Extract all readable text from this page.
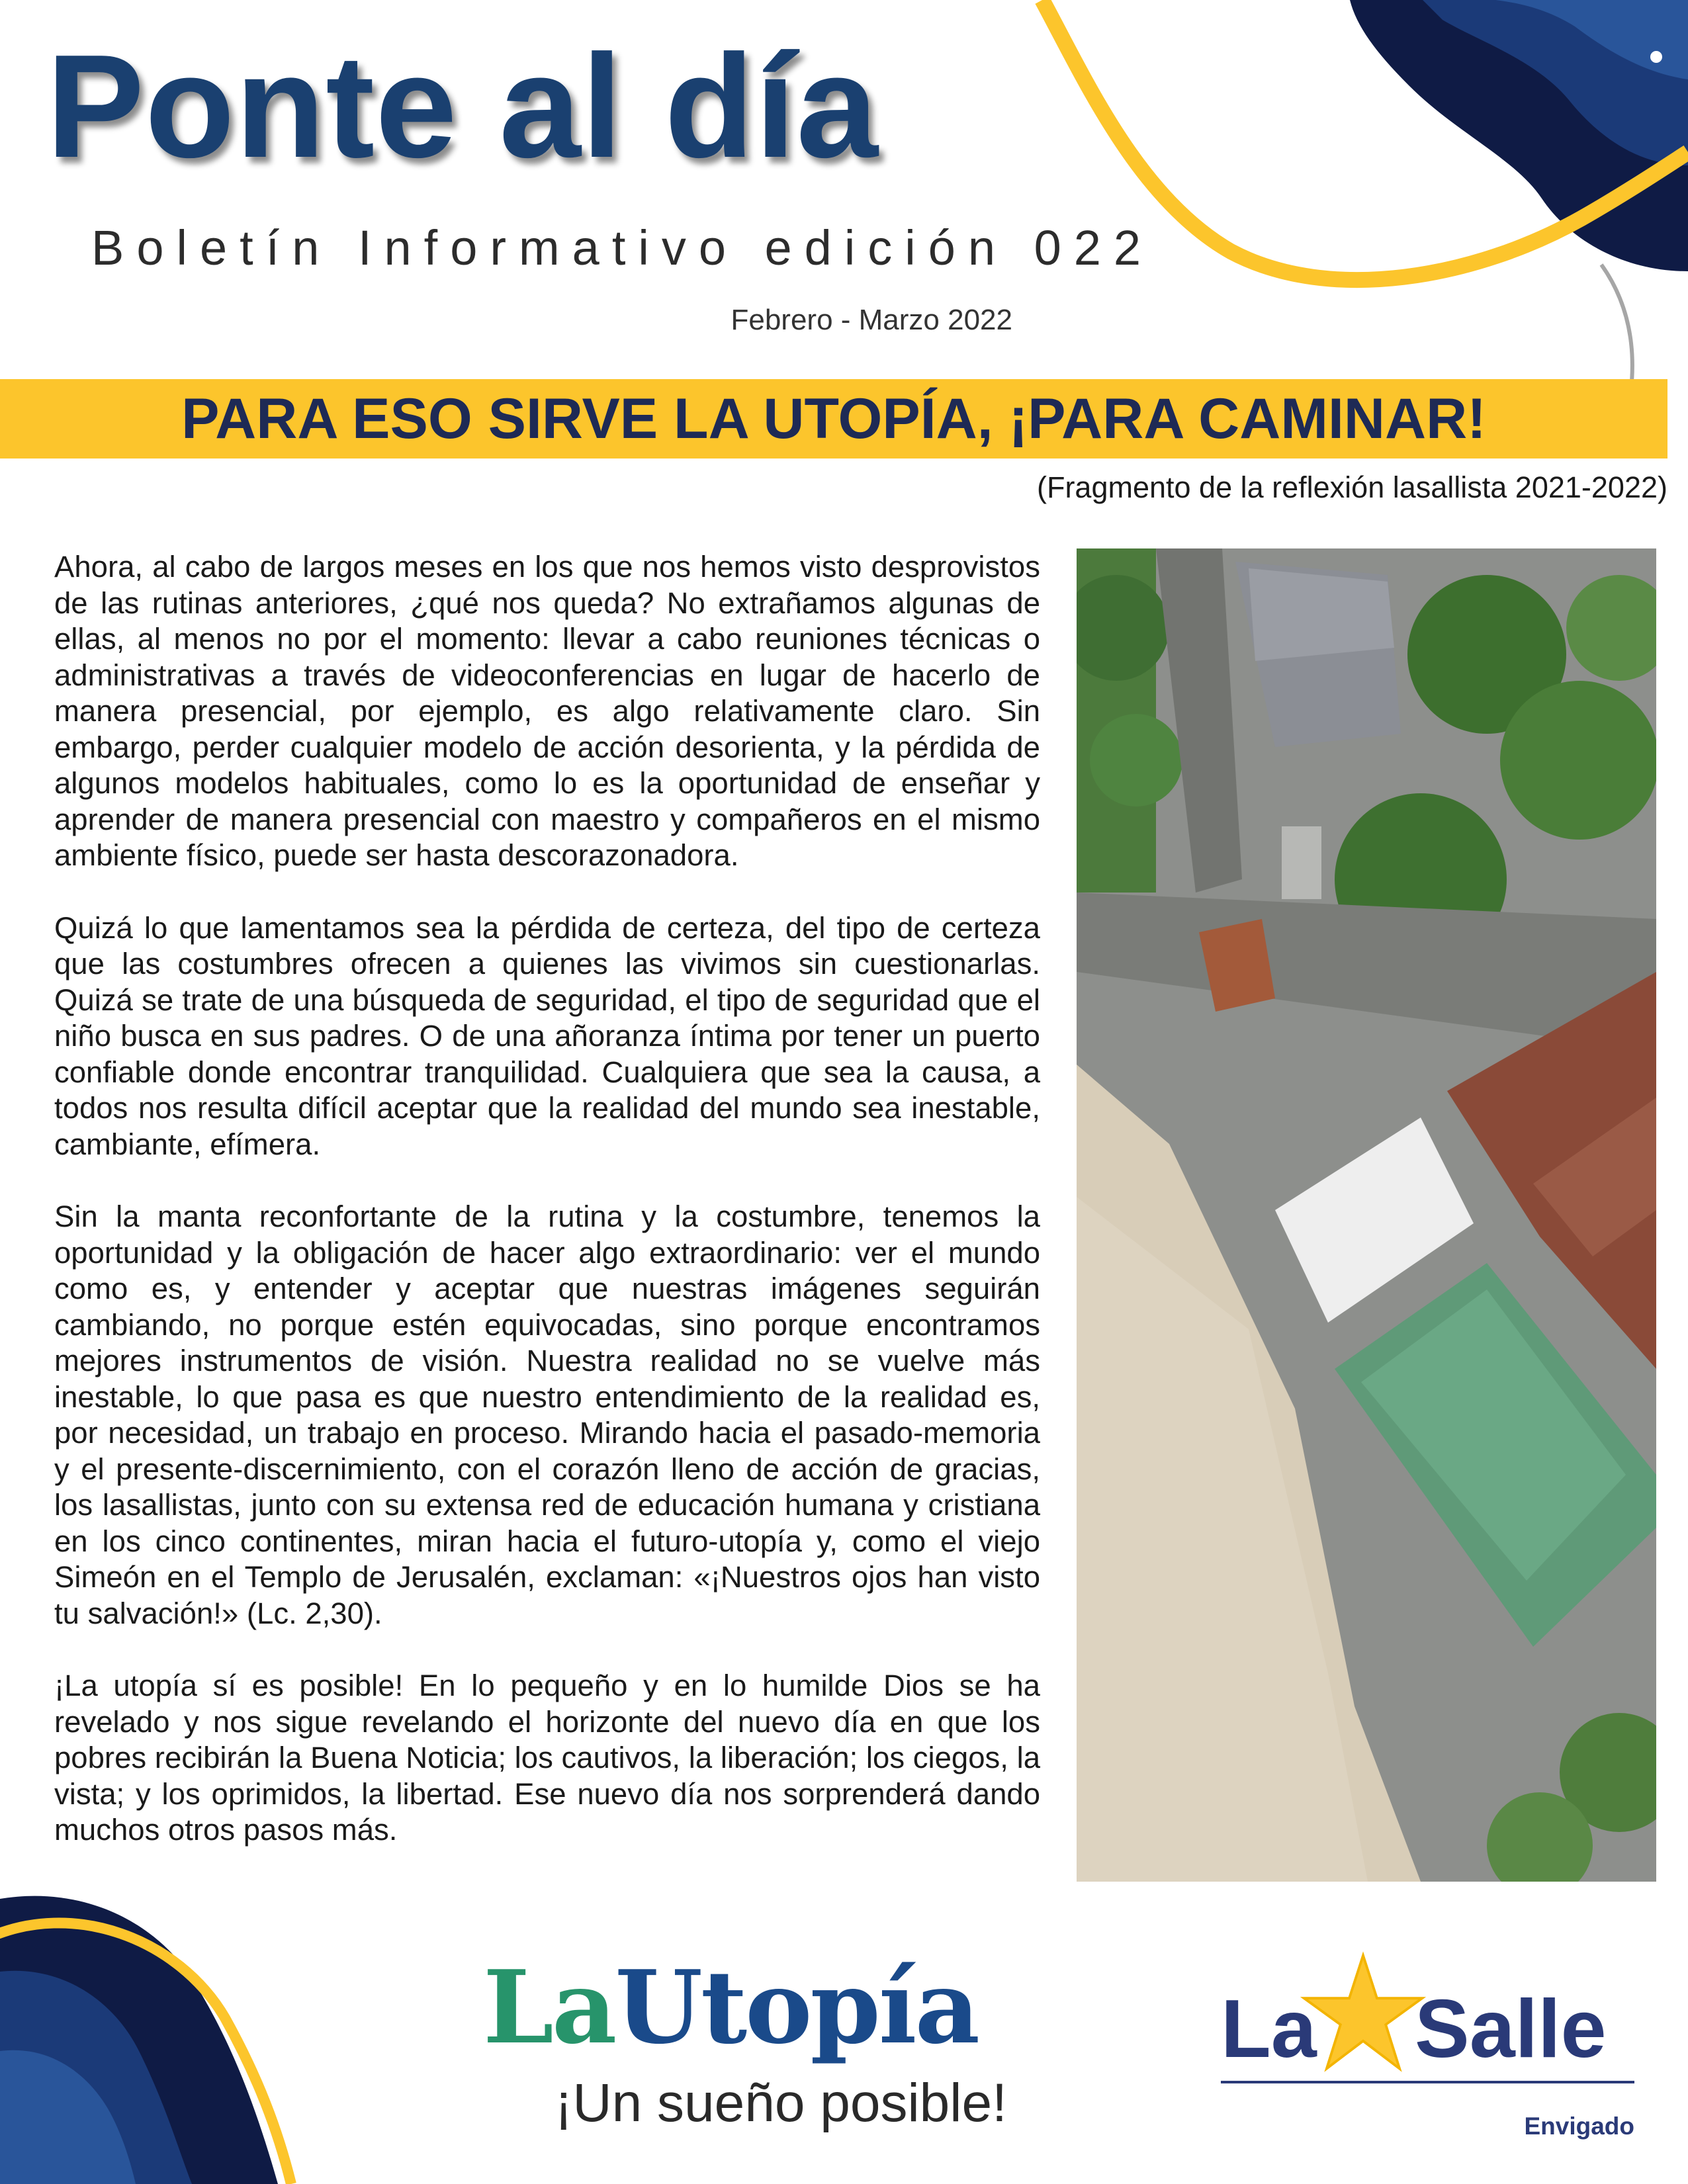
Ponte al día
Boletín Informativo edición 022
Febrero - Marzo 2022
PARA ESO SIRVE LA UTOPÍA, ¡PARA CAMINAR!
(Fragmento de la reflexión lasallista 2021-2022)

Ahora, al cabo de largos meses en los que nos hemos visto desprovistos de las rutinas anteriores, ¿qué nos queda? No extrañamos algunas de ellas, al menos no por el momento: llevar a cabo reuniones técnicas o administrativas a través de videoconferencias en lugar de hacerlo de manera presencial, por ejemplo, es algo relativamente claro. Sin embargo, perder cualquier modelo de acción desorienta, y la pérdida de algunos modelos habituales, como lo es la oportunidad de enseñar y aprender de manera presencial con maestro y compañeros en el mismo ambiente físico, puede ser hasta descorazonadora.

Quizá lo que lamentamos sea la pérdida de certeza, del tipo de certeza que las costumbres ofrecen a quienes las vivimos sin cuestionarlas. Quizá se trate de una búsqueda de seguridad, el tipo de seguridad que el niño busca en sus padres. O de una añoranza íntima por tener un puerto confiable donde encontrar tranquilidad. Cualquiera que sea la causa, a todos nos resulta difícil aceptar que la realidad del mundo sea inestable, cambiante, efímera.

Sin la manta reconfortante de la rutina y la costumbre, tenemos la oportunidad y la obligación de hacer algo extraordinario: ver el mundo como es, y entender y aceptar que nuestras imágenes seguirán cambiando, no porque estén equivocadas, sino porque encontramos mejores instrumentos de visión. Nuestra realidad no se vuelve más inestable, lo que pasa es que nuestro entendimiento de la realidad es, por necesidad, un trabajo en proceso. Mirando hacia el pasado-memoria y el presente-discernimiento, con el corazón lleno de acción de gracias, los lasallistas, junto con su extensa red de educación humana y cristiana en los cinco continentes, miran hacia el futuro-utopía y, como el viejo Simeón en el Templo de Jerusalén, exclaman: «¡Nuestros ojos han visto tu salvación!» (Lc. 2,30).

¡La utopía sí es posible! En lo pequeño y en lo humilde Dios se ha revelado y nos sigue revelando el horizonte del nuevo día en que los pobres recibirán la Buena Noticia; los cautivos, la liberación; los ciegos, la vista; y los oprimidos, la libertad. Ese nuevo día nos sorprenderá dando muchos otros pasos más.

LaUtopía
¡Un sueño posible!
La Salle
Envigado
